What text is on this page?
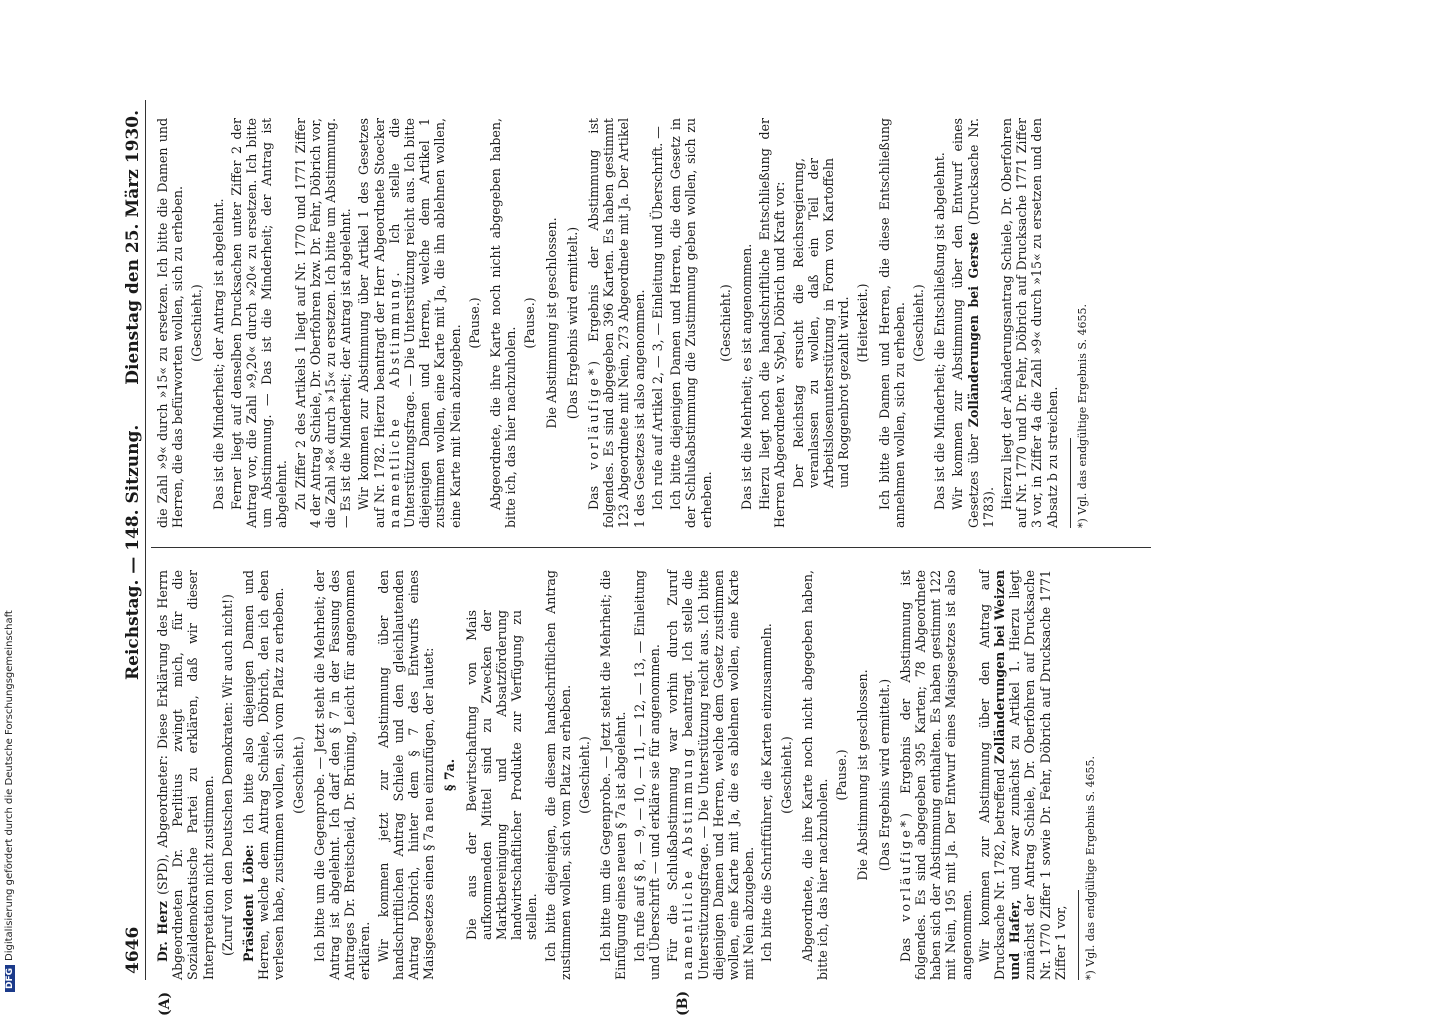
4646
Reichstag. — 148. Sitzung.
Dienstag den 25. März 1930.
(A)	(B)

Dr. Herz (SPD), Abgeordneter: Diese Erklärung des Herrn Abgeordneten Dr. Perlitius zwingt mich, für die Sozialdemokratische Partei zu erklären, daß wir dieser Interpretation nicht zustimmen. (Zuruf von den Deutschen Demokraten: Wir auch nicht!) Präsident Löbe: Ich bitte also diejenigen Damen und Herren, welche dem Antrag Schiele, Döbrich, den ich eben verlesen habe, zustimmen wollen, sich vom Platz zu erheben. (Geschieht.) Ich bitte um die Gegenprobe. — Jetzt steht die Mehrheit; der Antrag ist abgelehnt. Ich darf den § 7 in der Fassung des Antrages Dr. Breitscheid, Dr. Brüning, Leicht für angenommen erklären. Wir kommen jetzt zur Abstimmung über den handschriftlichen Antrag Schiele und den gleichlautenden Antrag Döbrich, hinter dem § 7 des Entwurfs eines Maisgesetzes einen § 7a neu einzufügen, der lautet: § 7a. Die aus der Bewirtschaftung von Mais aufkommenden Mittel sind zu Zwecken der Marktbereinigung und Absatzförderung landwirtschaftlicher Produkte zur Verfügung zu stellen. Ich bitte diejenigen, die diesem handschriftlichen Antrag zustimmen wollen, sich vom Platz zu erheben. (Geschieht.) Ich bitte um die Gegenprobe. — Jetzt steht die Mehrheit; die Einfügung eines neuen § 7a ist abgelehnt. Ich rufe auf § 8, — 9, — 10, — 11, — 12, — 13, — Einleitung und Überschrift — und erkläre sie für angenommen. Für die Schlußabstimmung war vorhin durch Zuruf namentliche Abstimmung beantragt. Ich stelle die Unterstützungsfrage. — Die Unterstützung reicht aus. Ich bitte diejenigen Damen und Herren, welche dem Gesetz zustimmen wollen, eine Karte mit Ja, die es ablehnen wollen, eine Karte mit Nein abzugeben. Ich bitte die Schriftführer, die Karten einzusammeln. (Geschieht.) Abgeordnete, die ihre Karte noch nicht abgegeben haben, bitte ich, das hier nachzuholen.

(Pause.) Die Abstimmung ist geschlossen. (Das Ergebnis wird ermittelt.)

Das vorläufige*) Ergebnis der Abstimmung ist folgendes. Es sind abgegeben 395 Karten; 78 Abgeordnete haben sich der Abstimmung enthalten. Es haben gestimmt 122 mit Nein, 195 mit Ja. Der Entwurf eines Maisgesetzes ist also angenommen. Wir kommen zur Abstimmung über den Antrag auf Drucksache Nr. 1782, betreffend Zolländerungen bei Weizen und Hafer, und zwar zunächst zu Artikel 1. Hierzu liegt zunächst der Antrag Schiele, Dr. Oberfohren auf Drucksache Nr. 1770 Ziffer 1 sowie Dr. Fehr, Döbrich auf Drucksache 1771 Ziffer 1 vor, *) Vgl. das endgültige Ergebnis S. 4655.

die Zahl »9« durch »15« zu ersetzen. Ich bitte die Damen und Herren, die das befürworten wollen, sich zu erheben. (Geschieht.) Das ist die Minderheit; der Antrag ist abgelehnt. Ferner liegt auf denselben Drucksachen unter Ziffer 2 der Antrag vor, die Zahl »9,20« durch »20« zu ersetzen. Ich bitte um Abstimmung. — Das ist die Minderheit; der Antrag ist abgelehnt. Zu Ziffer 2 des Artikels 1 liegt auf Nr. 1770 und 1771 Ziffer 4 der Antrag Schiele, Dr. Oberfohren bzw. Dr. Fehr, Döbrich vor, die Zahl »8« durch »15« zu ersetzen. Ich bitte um Abstimmung. — Es ist die Minderheit; der Antrag ist abgelehnt. Wir kommen zur Abstimmung über Artikel 1 des Gesetzes auf Nr. 1782. Hierzu beantragt der Herr Abgeordnete Stoecker namentliche Abstimmung. Ich stelle die Unterstützungsfrage. — Die Unterstützung reicht aus. Ich bitte diejenigen Damen und Herren, welche dem Artikel 1 zustimmen wollen, eine Karte mit Ja, die ihn ablehnen wollen, eine Karte mit Nein abzugeben.

(Pause.) Abgeordnete, die ihre Karte noch nicht abgegeben haben, bitte ich, das hier nachzuholen.

(Pause.) Die Abstimmung ist geschlossen. (Das Ergebnis wird ermittelt.)

Das vorläufige*) Ergebnis der Abstimmung ist folgendes. Es sind abgegeben 396 Karten. Es haben gestimmt 123 Abgeordnete mit Nein, 273 Abgeordnete mit Ja. Der Artikel 1 des Gesetzes ist also angenommen. Ich rufe auf Artikel 2, — 3, — Einleitung und Überschrift. — Ich bitte diejenigen Damen und Herren, die dem Gesetz in der Schlußabstimmung die Zustimmung geben wollen, sich zu erheben.

(Geschieht.) Das ist die Mehrheit; es ist angenommen. Hierzu liegt noch die handschriftliche Entschließung der Herren Abgeordneten v. Sybel, Döbrich und Kraft vor: Der Reichstag ersucht die Reichsregierung, veranlassen zu wollen, daß ein Teil der Arbeitslosenunterstützung in Form von Kartoffeln und Roggenbrot gezahlt wird. (Heiterkeit.) Ich bitte die Damen und Herren, die diese Entschließung annehmen wollen, sich zu erheben. (Geschieht.) Das ist die Minderheit; die Entschließung ist abgelehnt. Wir kommen zur Abstimmung über den Entwurf eines Gesetzes über Zolländerungen bei Gerste (Drucksache Nr. 1783). Hierzu liegt der Abänderungsantrag Schiele, Dr. Oberfohren auf Nr. 1770 und Dr. Fehr, Döbrich auf Drucksache 1771 Ziffer 3 vor, in Ziffer 4a die Zahl »9« durch »15« zu ersetzen und den Absatz b zu streichen. *) Vgl. das endgültige Ergebnis S. 4655.

DFGDigitalisierung gefördert durch die Deutsche Forschungsgemeinschaft
